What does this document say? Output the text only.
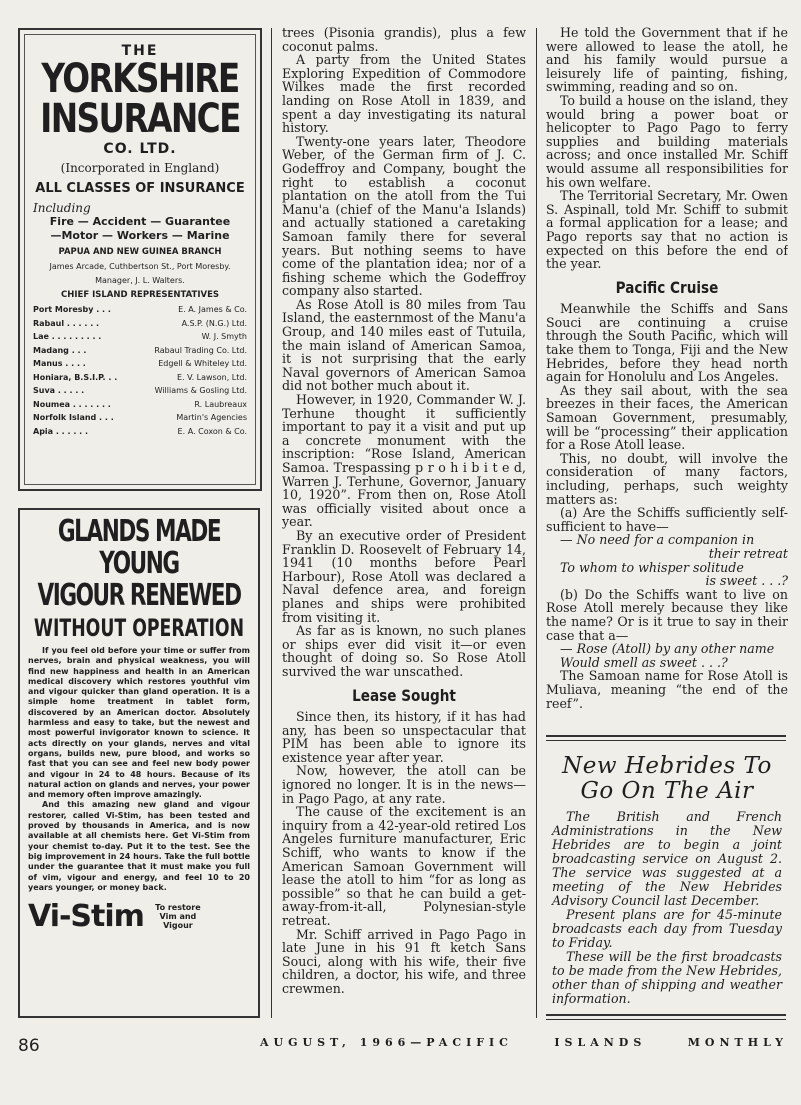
THE
YORKSHIRE
INSURANCE
CO. LTD.
(Incorporated in England)
ALL CLASSES OF INSURANCE
Including
Fire — Accident — Guarantee
—Motor — Workers — Marine
PAPUA AND NEW GUINEA BRANCH
James Arcade, Cuthbertson St., Port Moresby.
Manager, J. L. Walters.
CHIEF ISLAND REPRESENTATIVES
Port Moresby . . .	E. A. James & Co.
Rabaul . . . . . .	A.S.P. (N.G.) Ltd.
Lae . . . . . . . . .	W. J. Smyth
Madang . . .	Rabaul Trading Co. Ltd.
Manus . . . .	Edgell & Whiteley Ltd.
Honiara, B.S.I.P. . .	E. V. Lawson, Ltd.
Suva . . . . .	Williams & Gosling Ltd.
Noumea . . . . . . .	R. Laubreaux
Norfolk Island . . .	Martin's Agencies
Apia . . . . . .	E. A. Coxon & Co.
GLANDS MADE YOUNG
VIGOUR RENEWED
WITHOUT OPERATION
If you feel old before your time or suffer from nerves, brain and physical weakness, you will find new happiness and health in an American medical discovery which restores youthful vim and vigour quicker than gland operation. It is a simple home treatment in tablet form, discovered by an American doctor. Absolutely harmless and easy to take, but the newest and most powerful invigorator known to science. It acts directly on your glands, nerves and vital organs, builds new, pure blood, and works so fast that you can see and feel new body power and vigour in 24 to 48 hours. Because of its natural action on glands and nerves, your power and memory often improve amazingly.
And this amazing new gland and vigour restorer, called Vi-Stim, has been tested and proved by thousands in America, and is now available at all chemists here. Get Vi-Stim from your chemist to-day. Put it to the test. See the big improvement in 24 hours. Take the full bottle under the guarantee that it must make you full of vim, vigour and energy, and feel 10 to 20 years younger, or money back.
Vi-Stim	To restore Vim and Vigour

trees (Pisonia grandis), plus a few coconut palms.

A party from the United States Exploring Expedition of Commodore Wilkes made the first recorded landing on Rose Atoll in 1839, and spent a day investigating its natural history.

Twenty-one years later, Theodore Weber, of the German firm of J. C. Godeffroy and Company, bought the right to establish a coconut plantation on the atoll from the Tui Manu'a (chief of the Manu'a Islands) and actually stationed a caretaking Samoan family there for several years. But nothing seems to have come of the plantation idea; nor of a fishing scheme which the Godeffroy company also started.

As Rose Atoll is 80 miles from Tau Island, the easternmost of the Manu'a Group, and 140 miles east of Tutuila, the main island of American Samoa, it is not surprising that the early Naval governors of American Samoa did not bother much about it.

However, in 1920, Commander W. J. Terhune thought it sufficiently important to pay it a visit and put up a concrete monument with the inscription: “Rose Island, American Samoa. Trespassing p r o h i b i t e d, Warren J. Terhune, Governor, January 10, 1920”. From then on, Rose Atoll was officially visited about once a year.

By an executive order of President Franklin D. Roosevelt of February 14, 1941 (10 months before Pearl Harbour), Rose Atoll was declared a Naval defence area, and foreign planes and ships were prohibited from visiting it.

As far as is known, no such planes or ships ever did visit it—or even thought of doing so. So Rose Atoll survived the war unscathed.

Lease Sought

Since then, its history, if it has had any, has been so unspectacular that PIM has been able to ignore its existence year after year.

Now, however, the atoll can be ignored no longer. It is in the news—in Pago Pago, at any rate.

The cause of the excitement is an inquiry from a 42-year-old retired Los Angeles furniture manufacturer, Eric Schiff, who wants to know if the American Samoan Government will lease the atoll to him “for as long as possible” so that he can build a get-away-from-it-all, Polynesian-style retreat.

Mr. Schiff arrived in Pago Pago in late June in his 91 ft ketch Sans Souci, along with his wife, their five children, a doctor, his wife, and three crewmen.

He told the Government that if he were allowed to lease the atoll, he and his family would pursue a leisurely life of painting, fishing, swimming, reading and so on.

To build a house on the island, they would bring a power boat or helicopter to Pago Pago to ferry supplies and building materials across; and once installed Mr. Schiff would assume all responsibilities for his own welfare.

The Territorial Secretary, Mr. Owen S. Aspinall, told Mr. Schiff to submit a formal application for a lease; and Pago reports say that no action is expected on this before the end of the year.

Pacific Cruise

Meanwhile the Schiffs and Sans Souci are continuing a cruise through the South Pacific, which will take them to Tonga, Fiji and the New Hebrides, before they head north again for Honolulu and Los Angeles.

As they sail about, with the sea breezes in their faces, the American Samoan Government, presumably, will be “processing” their application for a Rose Atoll lease.

This, no doubt, will involve the consideration of many factors, including, perhaps, such weighty matters as:

(a) Are the Schiffs sufficiently self-sufficient to have—

— No need for a companion in

their retreat

To whom to whisper solitude

is sweet . . .?

(b) Do the Schiffs want to live on Rose Atoll merely because they like the name? Or is it true to say in their case that a—

— Rose (Atoll) by any other name

Would smell as sweet . . .?

The Samoan name for Rose Atoll is Muliava, meaning “the end of the reef”.

New Hebrides To Go On The Air

The British and French Administrations in the New Hebrides are to begin a joint broadcasting service on August 2. The service was suggested at a meeting of the New Hebrides Advisory Council last December.

Present plans are for 45-minute broadcasts each day from Tuesday to Friday.

These will be the first broadcasts to be made from the New Hebrides, other than of shipping and weather information.

86	AUGUST, 1966—PACIFIC	ISLANDS	MONTHLY
